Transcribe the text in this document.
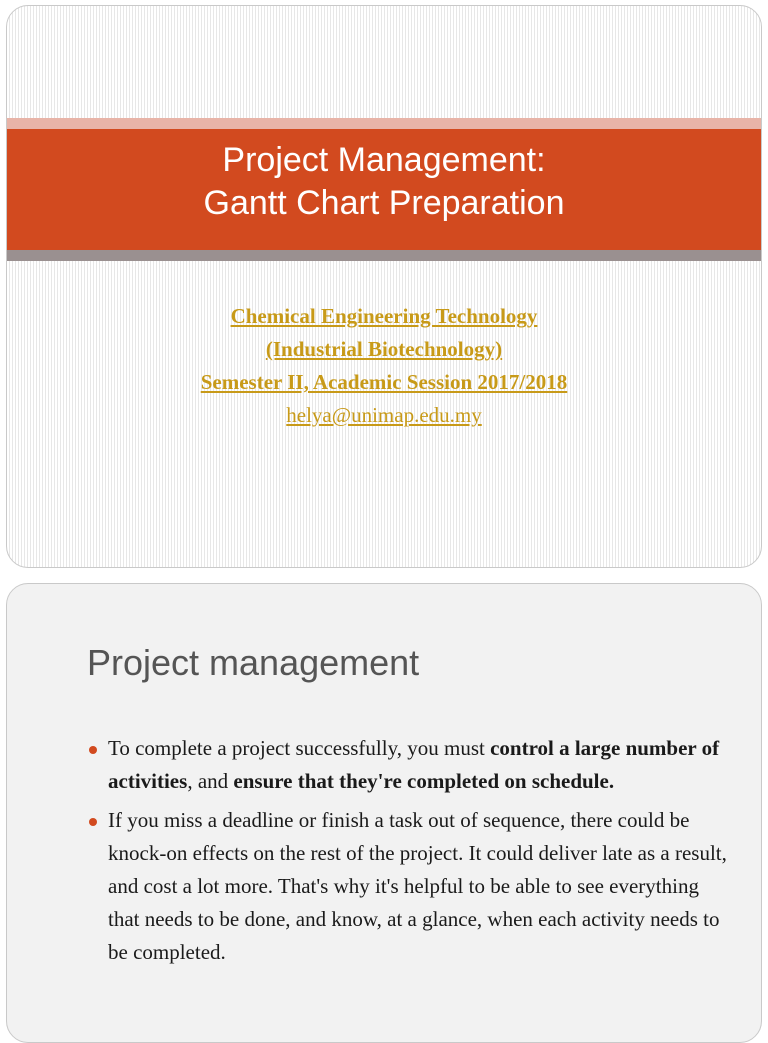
Project Management:
Gantt Chart Preparation
Chemical Engineering Technology
(Industrial Biotechnology)
Semester II, Academic Session 2017/2018
helya@unimap.edu.my
Project management
To complete a project successfully, you must control a large number of activities, and ensure that they're completed on schedule.
If you miss a deadline or finish a task out of sequence, there could be knock-on effects on the rest of the project. It could deliver late as a result, and cost a lot more. That's why it's helpful to be able to see everything that needs to be done, and know, at a glance, when each activity needs to be completed.
